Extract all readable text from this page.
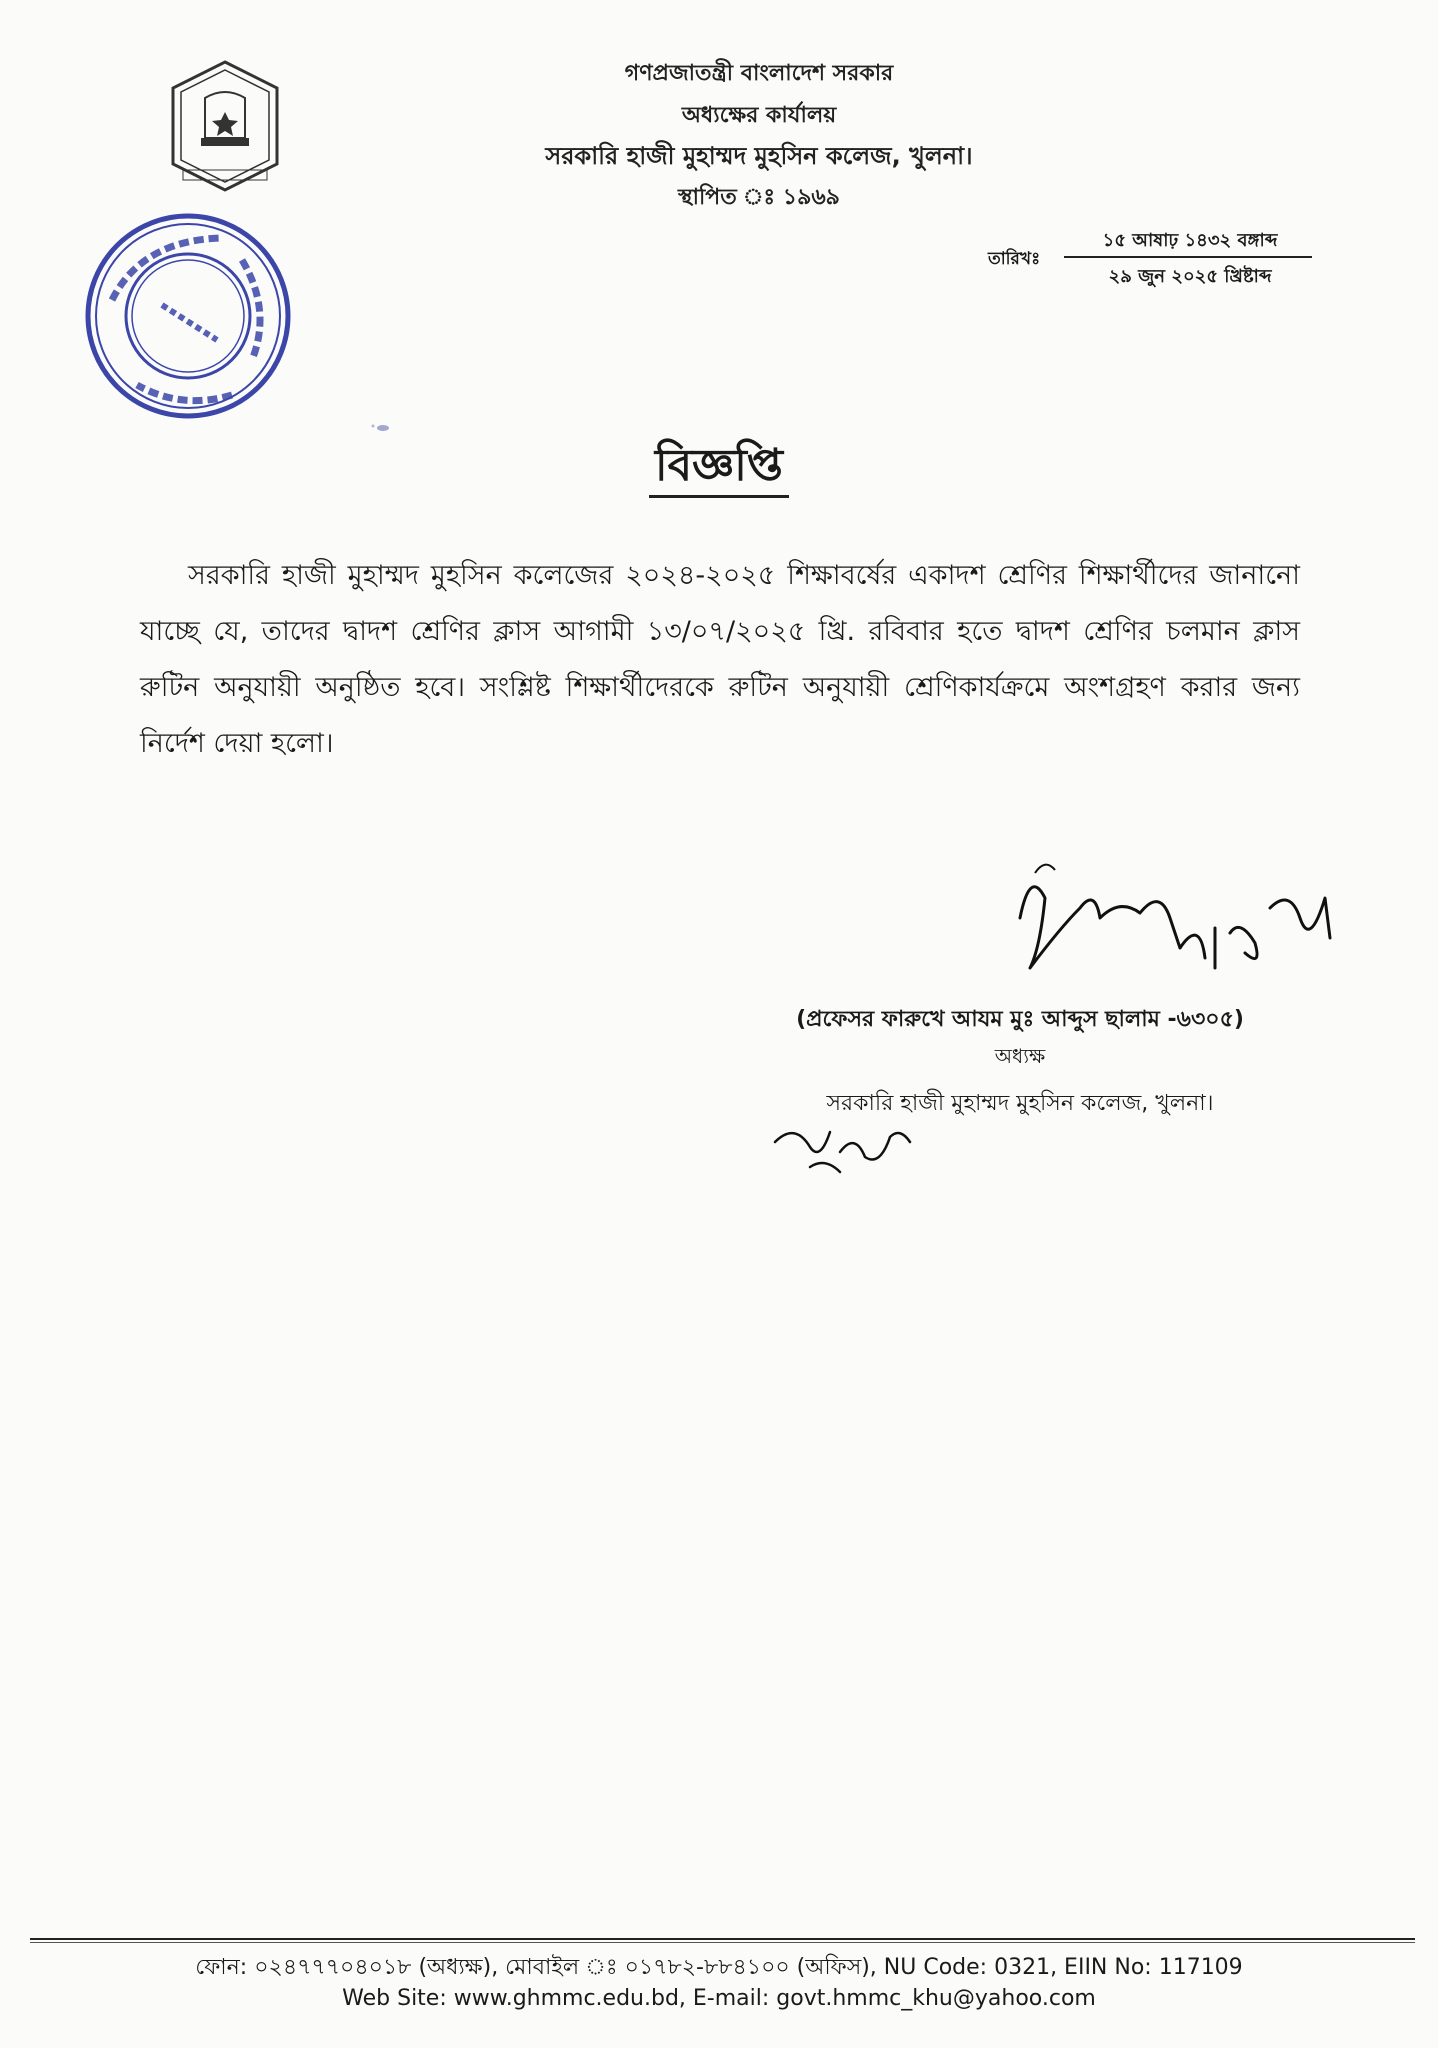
গণপ্রজাতন্ত্রী বাংলাদেশ সরকার
অধ্যক্ষের কার্যালয়
সরকারি হাজী মুহাম্মদ মুহসিন কলেজ, খুলনা।
স্থাপিত ঃ ১৯৬৯
তারিখঃ
১৫ আষাঢ় ১৪৩২ বঙ্গাব্দ
২৯ জুন ২০২৫ খ্রিষ্টাব্দ
বিজ্ঞপ্তি
সরকারি হাজী মুহাম্মদ মুহসিন কলেজের ২০২৪-২০২৫ শিক্ষাবর্ষের একাদশ শ্রেণির শিক্ষার্থীদের জানানো যাচ্ছে যে, তাদের দ্বাদশ শ্রেণির ক্লাস আগামী ১৩/০৭/২০২৫ খ্রি. রবিবার হতে দ্বাদশ শ্রেণির চলমান ক্লাস রুটিন অনুযায়ী অনুষ্ঠিত হবে। সংশ্লিষ্ট শিক্ষার্থীদেরকে রুটিন অনুযায়ী শ্রেণিকার্যক্রমে অংশগ্রহণ করার জন্য নির্দেশ দেয়া হলো।
(প্রফেসর ফারুখে আযম মুঃ আব্দুস ছালাম -৬৩০৫)
অধ্যক্ষ
সরকারি হাজী মুহাম্মদ মুহসিন কলেজ, খুলনা।
ফোন: ০২৪৭৭৭০৪০১৮ (অধ্যক্ষ), মোবাইল ঃ ০১৭৮২-৮৮৪১০০ (অফিস), NU Code: 0321, EIIN No: 117109
Web Site: www.ghmmc.edu.bd, E-mail: govt.hmmc_khu@yahoo.com
